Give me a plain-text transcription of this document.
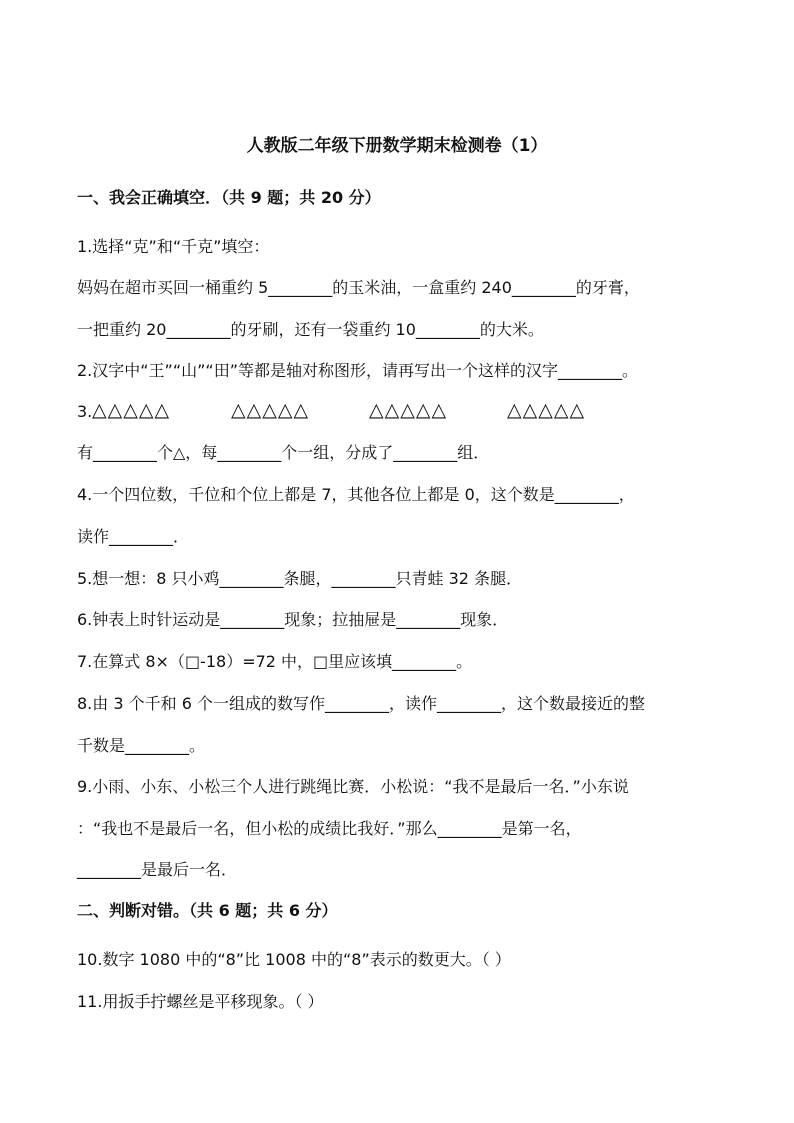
人教版二年级下册数学期末检测卷（1）
一、我会正确填空．（共 9 题；共 20 分）
1.选择“克”和“千克”填空：
妈妈在超市买回一桶重约 5________的玉米油，一盒重约 240________的牙膏，
一把重约 20________的牙刷，还有一袋重约 10________的大米。
2.汉字中“王”“山”“田”等都是轴对称图形，请再写出一个这样的汉字________。
3. △△△△△	△△△△△	△△△△△	△△△△△
有________个△，每________个一组，分成了________组．
4.一个四位数，千位和个位上都是 7，其他各位上都是 0，这个数是________，
读作________．
5.想一想：8 只小鸡________条腿，________只青蛙 32 条腿．
6.钟表上时针运动是________现象；拉抽屉是________现象．
7.在算式 8×（□-18）=72 中，□里应该填________。
8.由 3 个千和 6 个一组成的数写作________，读作________，这个数最接近的整
千数是________。
9.小雨、小东、小松三个人进行跳绳比赛．小松说：“我不是最后一名．”小东说
：“我也不是最后一名，但小松的成绩比我好．”那么________是第一名，
________是最后一名．
二、判断对错。（共 6 题；共 6 分）
10.数字 1080 中的“8”比 1008 中的“8”表示的数更大。（ ）
11.用扳手拧螺丝是平移现象。（ ）
